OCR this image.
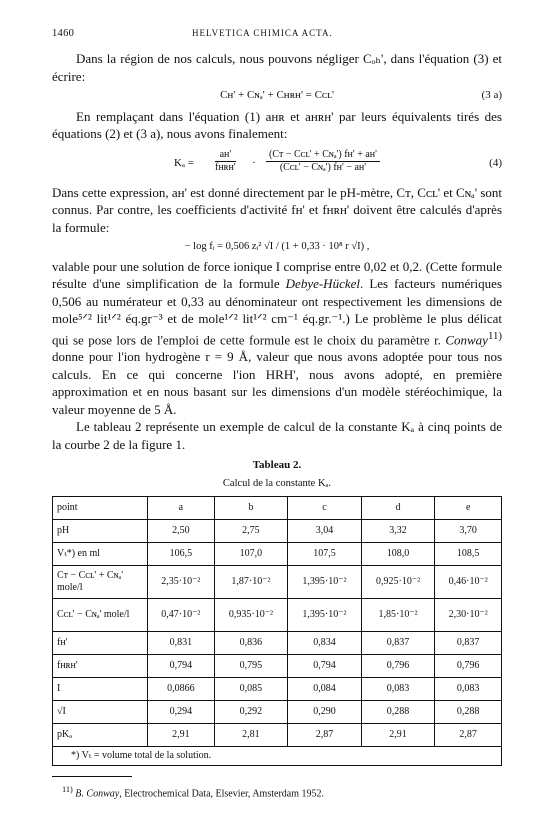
1460	HELVETICA CHIMICA ACTA.

Dans la région de nos calculs, nous pouvons négliger Cₒₕ', dans l'équation (3) et écrire:

Cʜ' + Cɴₐ' + Cʜʀʜ' = Cᴄʟ'	(3 a)

En remplaçant dans l'équation (1) aʜʀ et aʜʀʜ' par leurs équivalents tirés des équations (2) et (3 a), nous avons finalement:

Kₐ =
aʜ'
fʜʀʜ' ·
(Cᴛ − Cᴄʟ' + Cɴₐ') fʜ' + aʜ'
(Cᴄʟ' − Cɴₐ') fʜ' − aʜ'	(4)

Dans cette expression, aʜ' est donné directement par le pH-mètre, Cᴛ, Cᴄʟ' et Cɴₐ' sont connus. Par contre, les coefficients d'activité fʜ' et fʜʀʜ' doivent être calculés d'après la formule:

− log fᵢ = 0,506 zᵢ² √I / (1 + 0,33 · 10⁸ r √I) ,

valable pour une solution de force ionique I comprise entre 0,02 et 0,2. (Cette formule résulte d'une simplification de la formule Debye-Hückel. Les facteurs numériques 0,506 au numérateur et 0,33 au dénominateur ont respectivement les dimensions de mole⁵ᐟ² lit¹ᐟ² éq.gr⁻³ et de mole¹ᐟ² lit¹ᐟ² cm⁻¹ éq.gr.⁻¹.) Le problème le plus délicat qui se pose lors de l'emploi de cette formule est le choix du paramètre r. Conway$^{11)}$ donne pour l'ion hydrogène r = 9 Å, valeur que nous avons adoptée pour tous nos calculs. En ce qui concerne l'ion HRH', nous avons adopté, en première approximation et en nous basant sur les dimensions d'un modèle stéréochimique, la valeur moyenne de 5 Å.

Le tableau 2 représente un exemple de calcul de la constante Kₐ à cinq points de la courbe 2 de la figure 1.

Tableau 2.
Calcul de la constante Kₐ.
point	a	b	c	d	e
pH	2,50	2,75	3,04	3,32	3,70
Vₜ*) en ml	106,5	107,0	107,5	108,0	108,5
Cᴛ − Cᴄʟ' + Cɴₐ' mole/l	2,35·10⁻²	1,87·10⁻²	1,395·10⁻²	0,925·10⁻²	0,46·10⁻²
Cᴄʟ' − Cɴₐ' mole/l	0,47·10⁻²	0,935·10⁻²	1,395·10⁻²	1,85·10⁻²	2,30·10⁻²
fʜ'	0,831	0,836	0,834	0,837	0,837
fʜʀʜ'	0,794	0,795	0,794	0,796	0,796
I	0,0866	0,085	0,084	0,083	0,083
√I	0,294	0,292	0,290	0,288	0,288
pKₐ	2,91	2,81	2,87	2,91	2,87
*) Vₜ = volume total de la solution.					
$^{11)}$ B. Conway, Electrochemical Data, Elsevier, Amsterdam 1952.
